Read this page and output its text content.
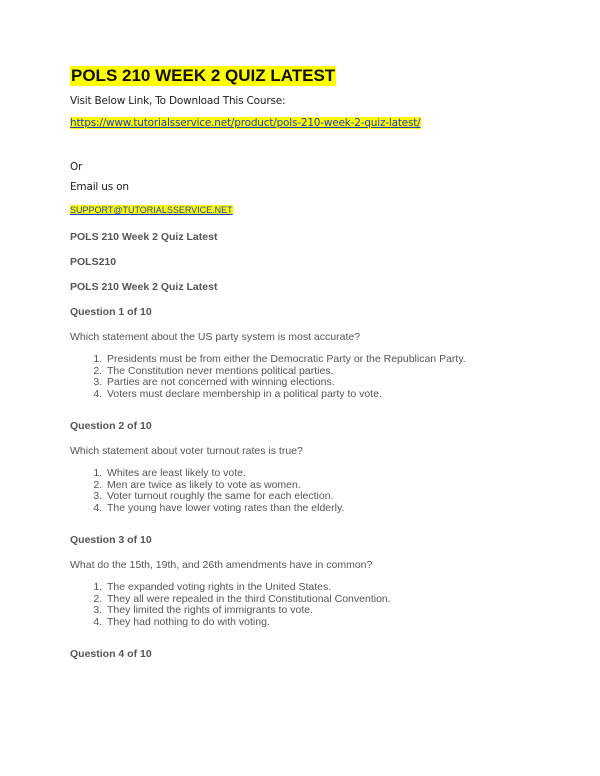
POLS 210 WEEK 2 QUIZ LATEST
Visit Below Link, To Download This Course:
https://www.tutorialsservice.net/product/pols-210-week-2-quiz-latest/
Or
Email us on
SUPPORT@TUTORIALSSERVICE.NET

POLS 210 Week 2 Quiz Latest

POLS210

POLS 210 Week 2 Quiz Latest

Question 1 of 10

Which statement about the US party system is most accurate?

1. Presidents must be from either the Democratic Party or the Republican Party.
2. The Constitution never mentions political parties.
3. Parties are not concerned with winning elections.
4. Voters must declare membership in a political party to vote.

Question 2 of 10

Which statement about voter turnout rates is true?

1. Whites are least likely to vote.
2. Men are twice as likely to vote as women.
3. Voter turnout roughly the same for each election.
4. The young have lower voting rates than the elderly.

Question 3 of 10

What do the 15th, 19th, and 26th amendments have in common?

1. The expanded voting rights in the United States.
2. They all were repealed in the third Constitutional Convention.
3. They limited the rights of immigrants to vote.
4. They had nothing to do with voting.

Question 4 of 10
